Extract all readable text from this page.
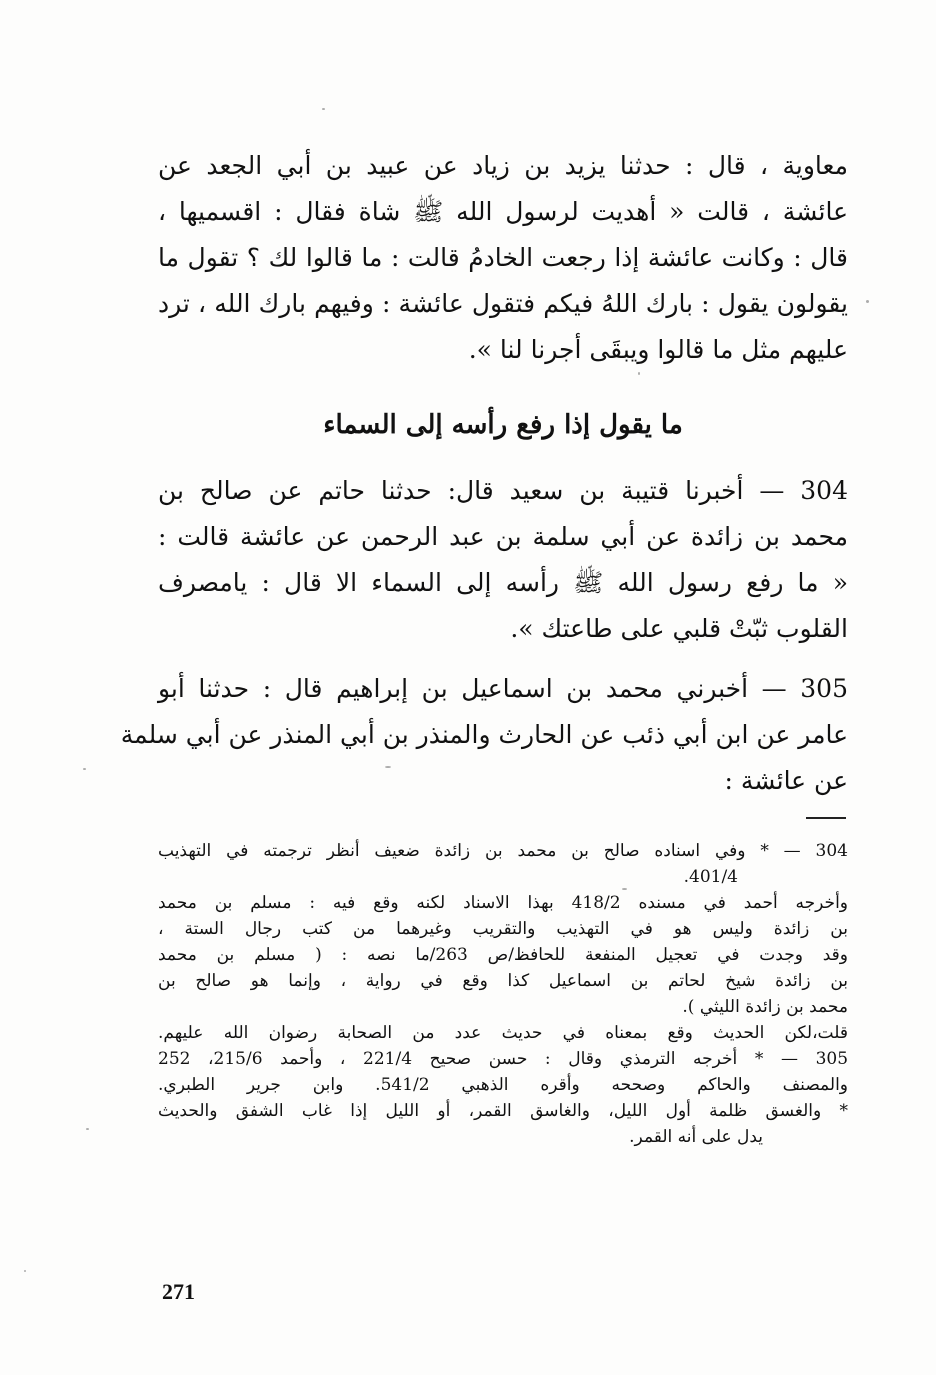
معاوية ، قال : حدثنا يزيد بن زياد عن عبيد بن أبي الجعد عن
عائشة ، قالت « أهديت لرسول الله ﷺ شاة فقال : اقسميها ،
قال : وكانت عائشة إذا رجعت الخادمُ قالت : ما قالوا لك ؟ تقول ما
يقولون يقول : بارك اللهُ فيكم فتقول عائشة : وفيهم بارك الله ، ترد
عليهم مثل ما قالوا ويبقَى أجرنا لنا ».
ما يقول إذا رفع رأسه إلى السماء
304 — أخبرنا قتيبة بن سعيد قال: حدثنا حاتم عن صالح بن
محمد بن زائدة عن أبي سلمة بن عبد الرحمن عن عائشة قالت :
« ما رفع رسول الله ﷺ رأسه إلى السماء الا قال : يامصرف
القلوب ثبّتْ قلبي على طاعتك ».
305 — أخبرني محمد بن اسماعيل بن إبراهيم قال : حدثنا أبو
عامر عن ابن أبي ذئب عن الحارث والمنذر بن أبي المنذر عن أبي سلمة
عن عائشة :
304 — * وفي اسناده صالح بن محمد بن زائدة ضعيف أنظر ترجمته في التهذيب
401/4.
وأخرجه أحمد في مسنده 418/2 بهذا الاسناد لكنه وقع فيه : مسلم بن محمد
بن زائدة وليس هو في التهذيب والتقريب وغيرهما من كتب رجال الستة ،
وقد وجدت في تعجيل المنفعة للحافظ/ص 263/ما نصه : ( مسلم بن محمد
بن زائدة شيخ لحاتم بن اسماعيل كذا وقع في رواية ، وإنما هو صالح بن
محمد بن زائدة الليثي ).
قلت،لكن الحديث وقع بمعناه في حديث عدد من الصحابة رضوان الله عليهم.
305 — * أخرجه الترمذي وقال : حسن صحيح 221/4 ، وأحمد 215/6، 252
والمصنف والحاكم وصححه وأقره الذهبي 541/2. وابن جرير الطبري.
* والغسق ظلمة أول الليل، والغاسق القمر، أو الليل إذا غاب الشفق والحديث
يدل على أنه القمر.
271
